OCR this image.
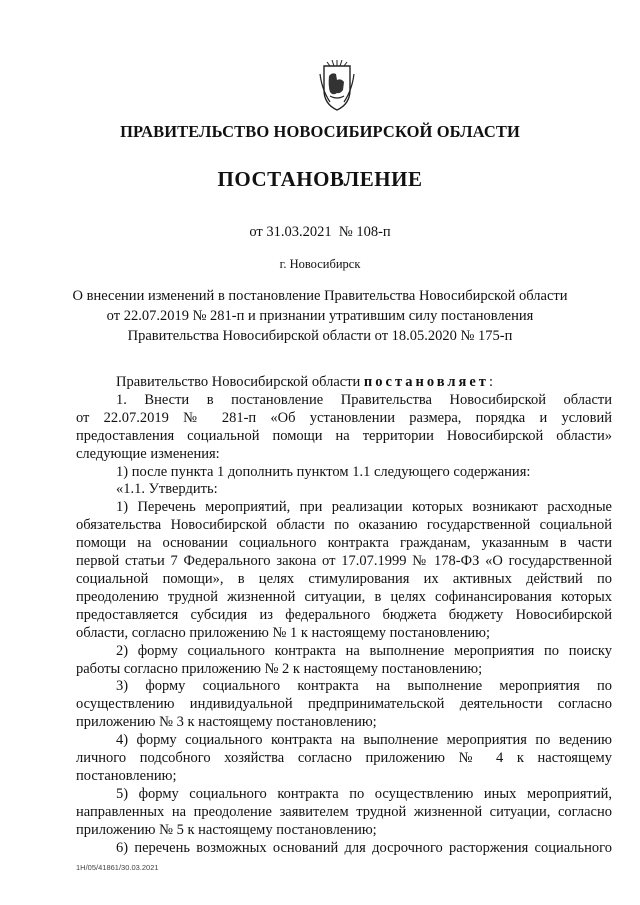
ПРАВИТЕЛЬСТВО НОВОСИБИРСКОЙ ОБЛАСТИ
ПОСТАНОВЛЕНИЕ
от 31.03.2021 № 108-п
г. Новосибирск
О внесении изменений в постановление Правительства Новосибирской области
от 22.07.2019 № 281-п и признании утратившим силу постановления
Правительства Новосибирской области от 18.05.2020 № 175-п
Правительство Новосибирской области постановляет:
1. Внести в постановление Правительства Новосибирской области
от 22.07.2019 № 281-п «Об установлении размера, порядка и условий
предоставления социальной помощи на территории Новосибирской области»
следующие изменения:
1) после пункта 1 дополнить пунктом 1.1 следующего содержания:
«1.1. Утвердить:
1) Перечень мероприятий, при реализации которых возникают расходные
обязательства Новосибирской области по оказанию государственной социальной
помощи на основании социального контракта гражданам, указанным в части
первой статьи 7 Федерального закона от 17.07.1999 № 178-ФЗ «О государственной
социальной помощи», в целях стимулирования их активных действий по
преодолению трудной жизненной ситуации, в целях софинансирования которых
предоставляется субсидия из федерального бюджета бюджету Новосибирской
области, согласно приложению № 1 к настоящему постановлению;
2) форму социального контракта на выполнение мероприятия по поиску
работы согласно приложению № 2 к настоящему постановлению;
3) форму социального контракта на выполнение мероприятия по
осуществлению индивидуальной предпринимательской деятельности согласно
приложению № 3 к настоящему постановлению;
4) форму социального контракта на выполнение мероприятия по ведению
личного подсобного хозяйства согласно приложению № 4 к настоящему
постановлению;
5) форму социального контракта по осуществлению иных мероприятий,
направленных на преодоление заявителем трудной жизненной ситуации, согласно
приложению № 5 к настоящему постановлению;
6) перечень возможных оснований для досрочного расторжения социального
1Н/05/41861/30.03.2021
